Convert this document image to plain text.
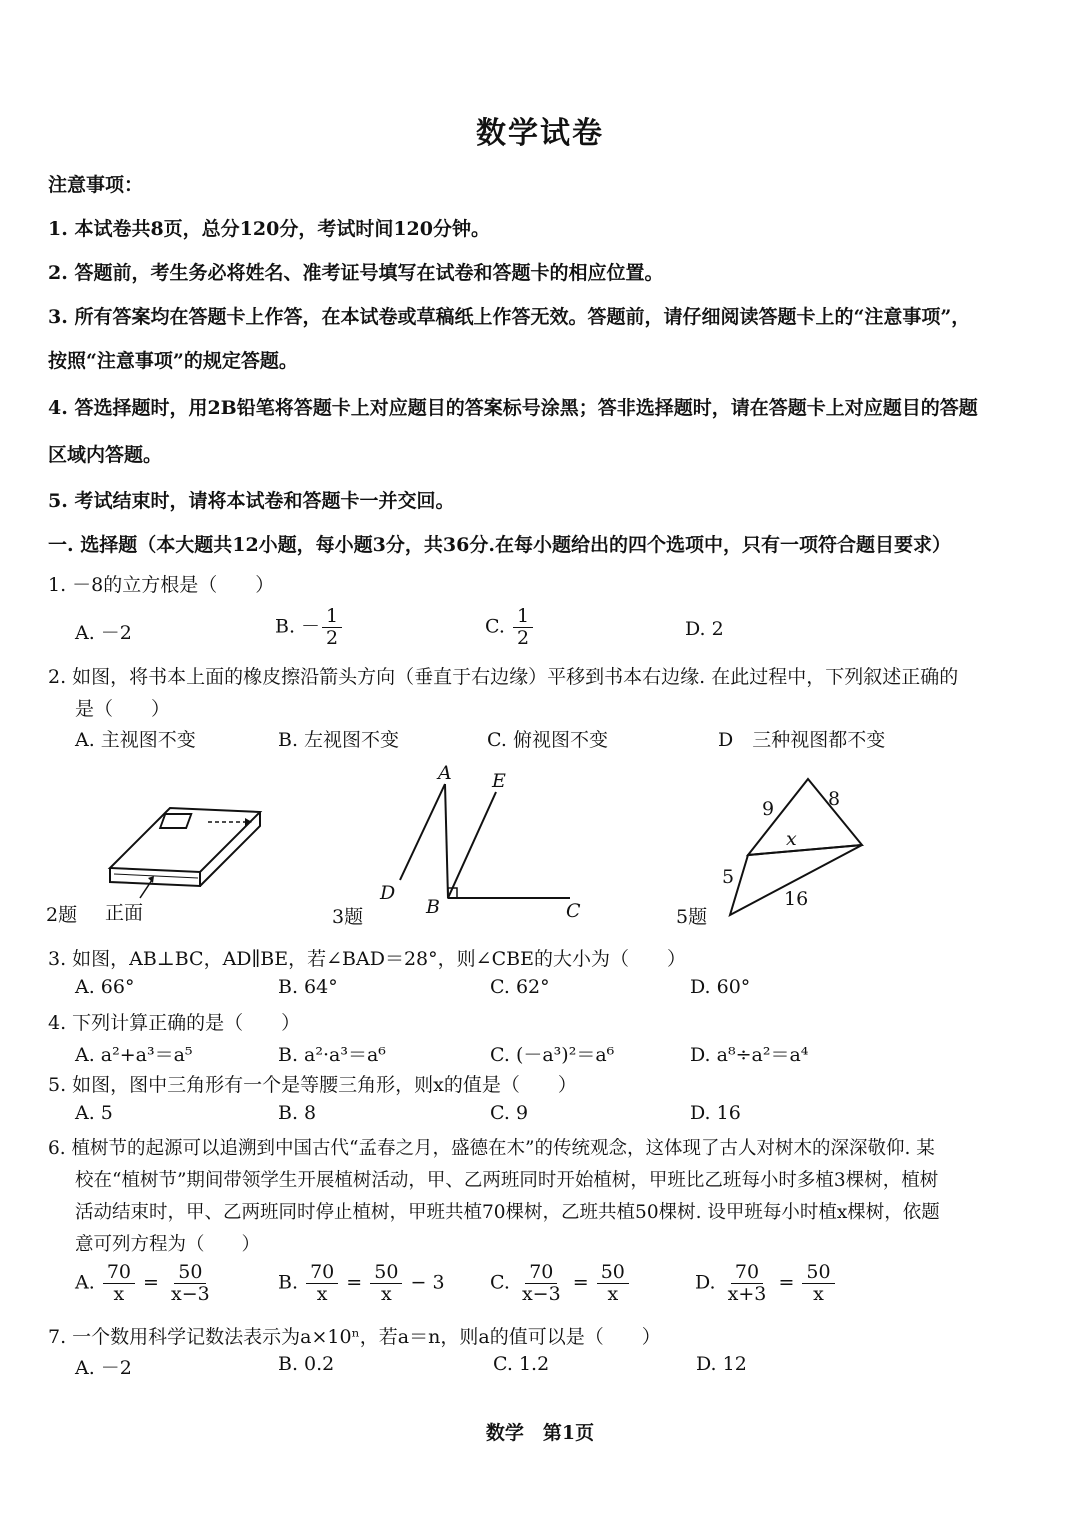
数学试卷
注意事项：
1. 本试卷共8页，总分120分，考试时间120分钟。
2. 答题前，考生务必将姓名、准考证号填写在试卷和答题卡的相应位置。
3. 所有答案均在答题卡上作答，在本试卷或草稿纸上作答无效。答题前，请仔细阅读答题卡上的“注意事项”，
按照“注意事项”的规定答题。
4. 答选择题时，用2B铅笔将答题卡上对应题目的答案标号涂黑；答非选择题时，请在答题卡上对应题目的答题
区域内答题。
5. 考试结束时，请将本试卷和答题卡一并交回。
一. 选择题（本大题共12小题，每小题3分，共36分.在每小题给出的四个选项中，只有一项符合题目要求）
1. －8的立方根是（　　）
A. －2	B. － $\frac{1}{2}$	C. $\frac{1}{2}$	D. 2
2. 如图，将书本上面的橡皮擦沿箭头方向（垂直于右边缘）平移到书本右边缘. 在此过程中，下列叙述正确的
是（　　）
A. 主视图不变	B. 左视图不变	C. 俯视图不变	D　三种视图都不变
2题 正面
A E
D
B	C
3题
9	8
x
5
16
5题
3. 如图，AB⊥BC，AD∥BE，若∠BAD＝28°，则∠CBE的大小为（　　）
A. 66°	B. 64°	C. 62°	D. 60°
4. 下列计算正确的是（　　）
A. a²+a³＝a⁵	B. a²·a³＝a⁶	C. (－a³)²＝a⁶	D. a⁸÷a²＝a⁴
5. 如图，图中三角形有一个是等腰三角形，则x的值是（　　）
A. 5	B. 8	C. 9	D. 16
6. 植树节的起源可以追溯到中国古代“孟春之月，盛德在木”的传统观念，这体现了古人对树木的深深敬仰. 某
校在“植树节”期间带领学生开展植树活动，甲、乙两班同时开始植树，甲班比乙班每小时多植3棵树，植树
活动结束时，甲、乙两班同时停止植树，甲班共植70棵树，乙班共植50棵树. 设甲班每小时植x棵树，依题
意可列方程为（　　）
A. $\frac{70}{x} = \frac{50}{x-3}$	B. $\frac{70}{x} = \frac{50}{x} - 3$ C. $\frac{70}{x-3} = \frac{50}{x}$	D. $\frac{70}{x+3} = \frac{50}{x}$
7. 一个数用科学记数法表示为a×10ⁿ，若a＝n，则a的值可以是（　　）
A. －2	B. 0.2	C. 1.2	D. 12
数学　第1页
